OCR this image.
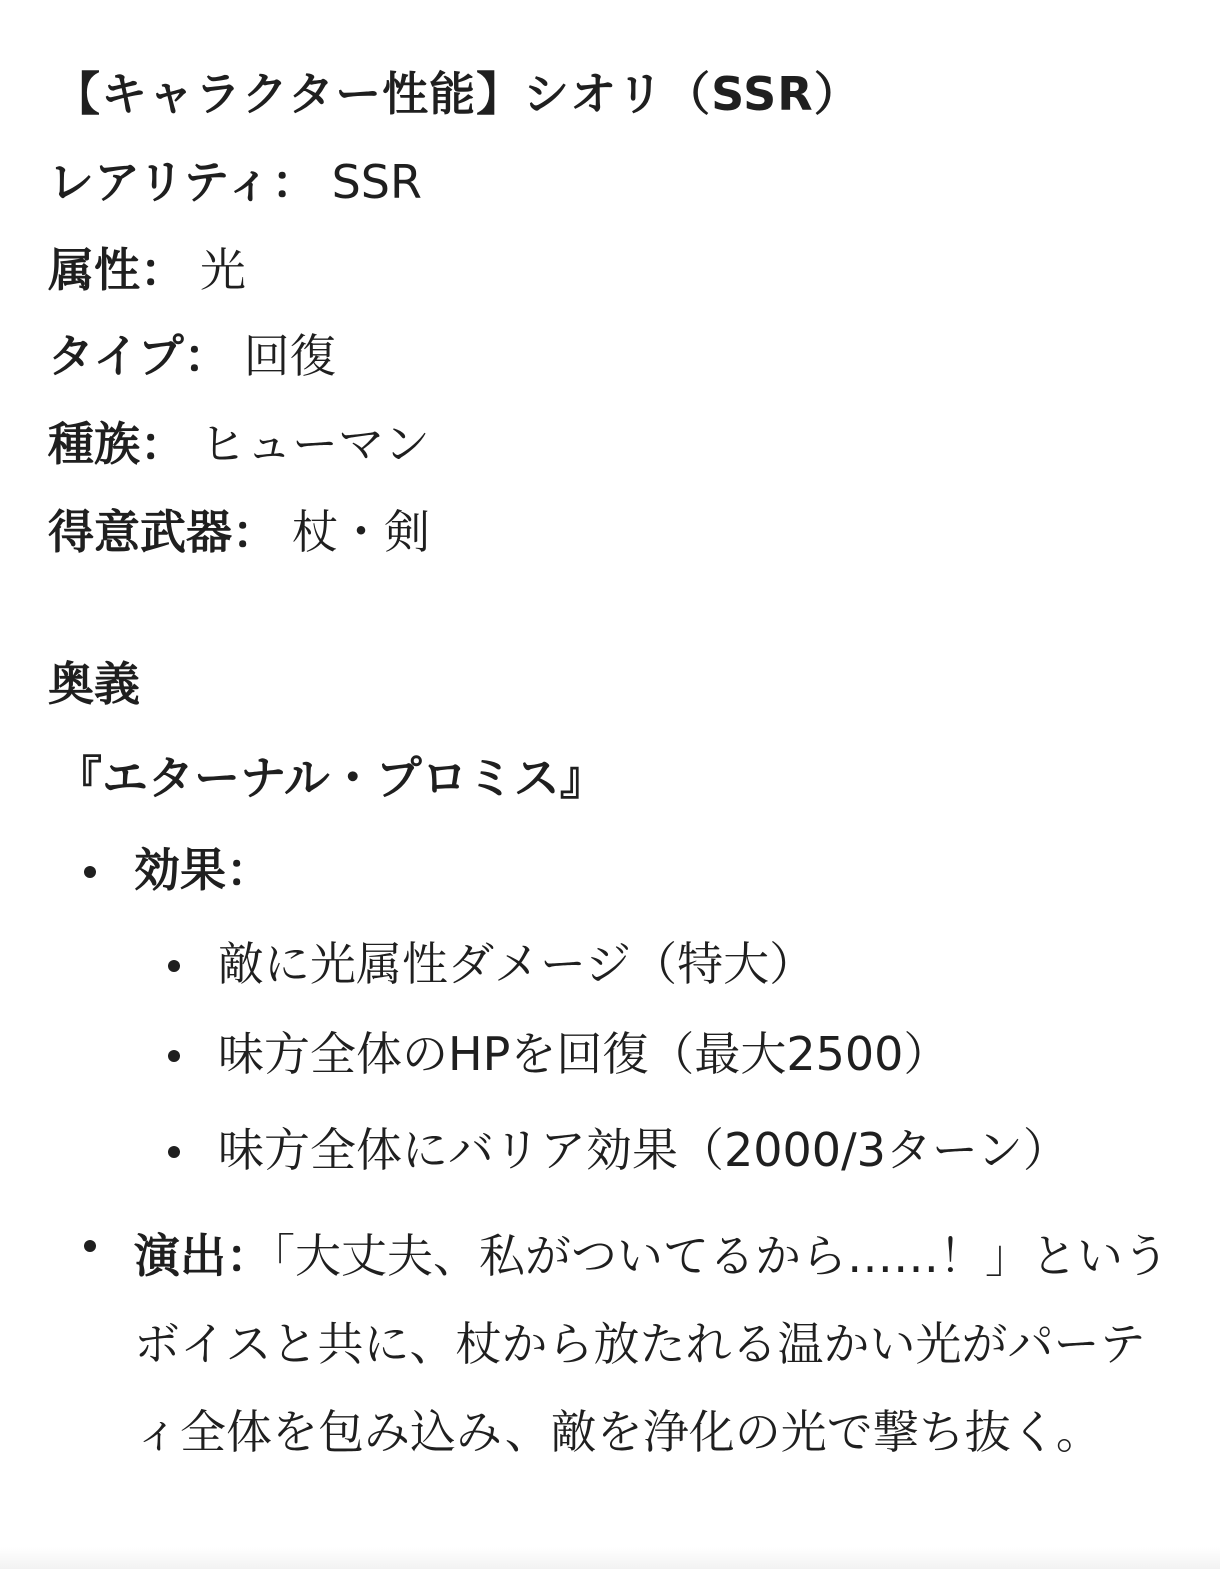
【キャラクター性能】シオリ（SSR）
レアリティ： SSR
属性： 光
タイプ： 回復
種族： ヒューマン
得意武器： 杖・剣
奥義
『エターナル・プロミス』
効果：
敵に光属性ダメージ（特大）
味方全体のHPを回復（最大2500）
味方全体にバリア効果（2000/3ターン）
演出：「大丈夫、私がついてるから……！」というボイスと共に、杖から放たれる温かい光がパーティ全体を包み込み、敵を浄化の光で撃ち抜く。
